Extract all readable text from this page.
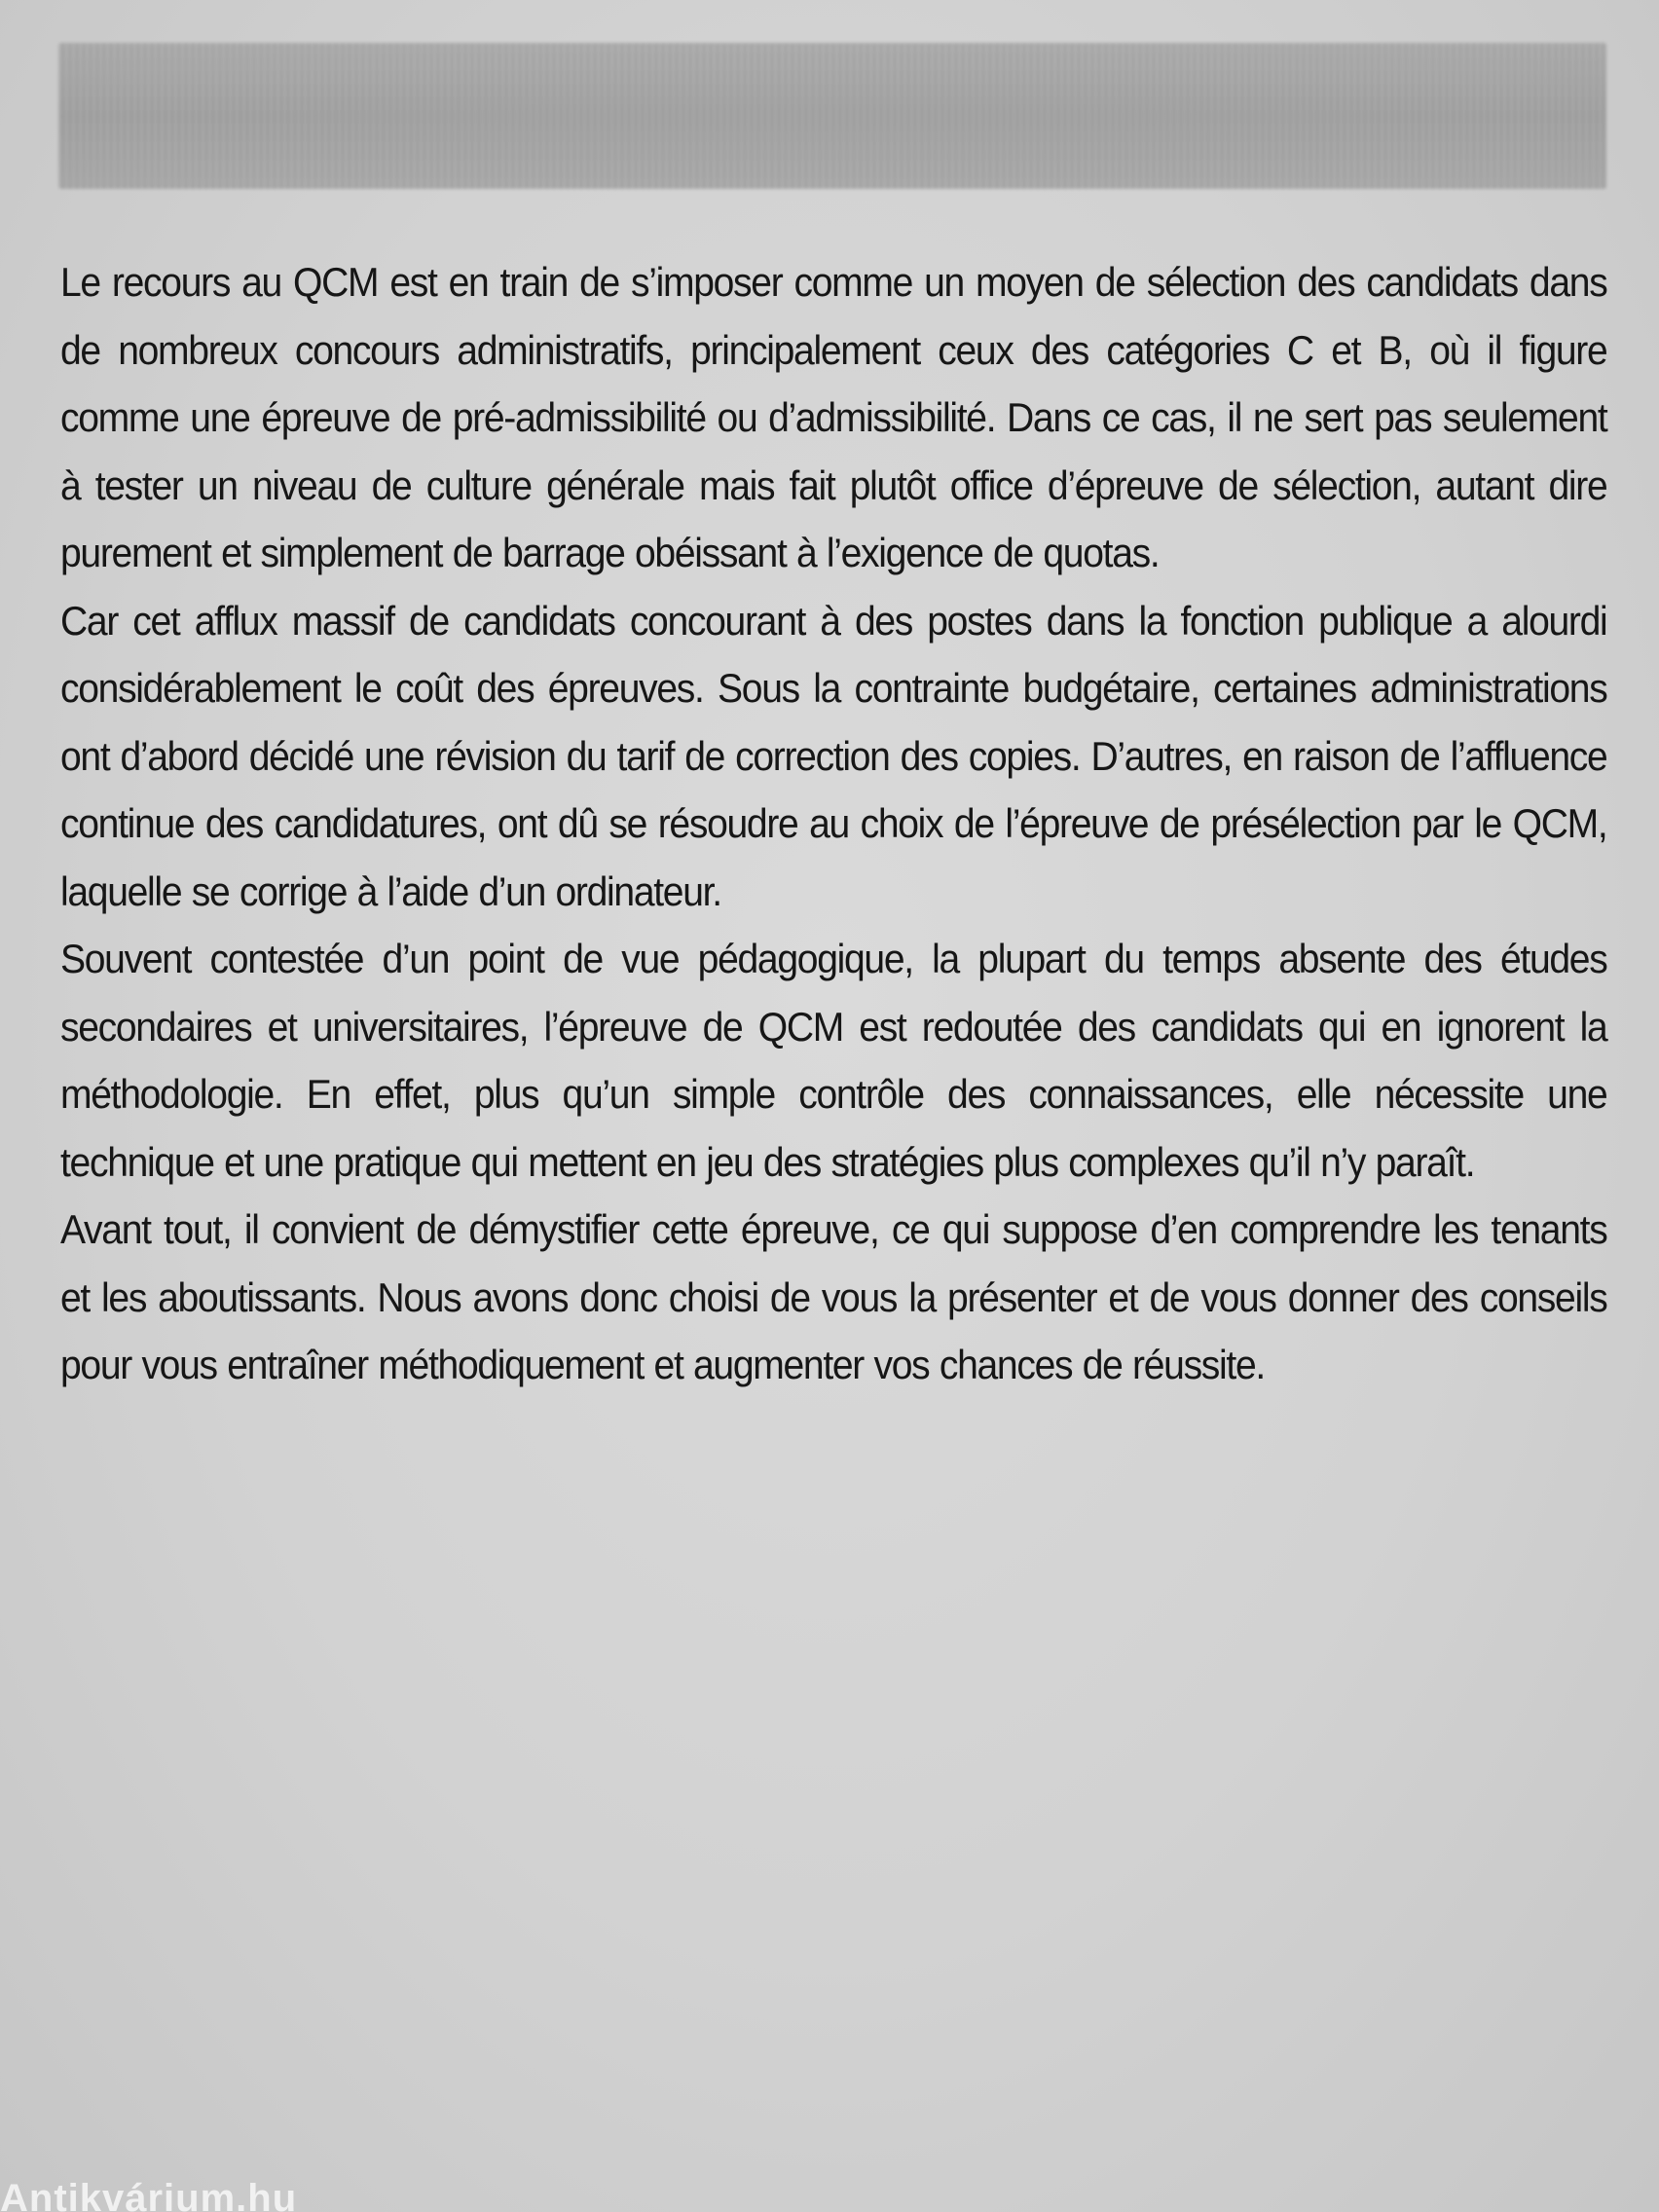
Le recours au QCM est en train de s’imposer comme un moyen de sélection des candidats dans de nombreux concours administratifs, principalement ceux des catégories C et B, où il figure comme une épreuve de pré-admissibilité ou d’admissibilité. Dans ce cas, il ne sert pas seulement à tester un niveau de culture générale mais fait plutôt office d’épreuve de sélection, autant dire purement et simplement de barrage obéissant à l’exigence de quotas.

Car cet afflux massif de candidats concourant à des postes dans la fonction publique a alourdi considérablement le coût des épreuves. Sous la contrainte budgétaire, certaines administrations ont d’abord décidé une révision du tarif de correction des copies. D’autres, en raison de l’affluence continue des candidatures, ont dû se résoudre au choix de l’épreuve de présélection par le QCM, laquelle se corrige à l’aide d’un ordinateur.

Souvent contestée d’un point de vue pédagogique, la plupart du temps absente des études secondaires et universitaires, l’épreuve de QCM est redoutée des candidats qui en ignorent la méthodologie. En effet, plus qu’un simple contrôle des connaissances, elle nécessite une technique et une pratique qui mettent en jeu des stratégies plus complexes qu’il n’y paraît.

Avant tout, il convient de démystifier cette épreuve, ce qui suppose d’en comprendre les tenants et les aboutissants. Nous avons donc choisi de vous la présenter et de vous donner des conseils pour vous entraîner méthodiquement et augmenter vos chances de réussite.

Antikvárium.hu
